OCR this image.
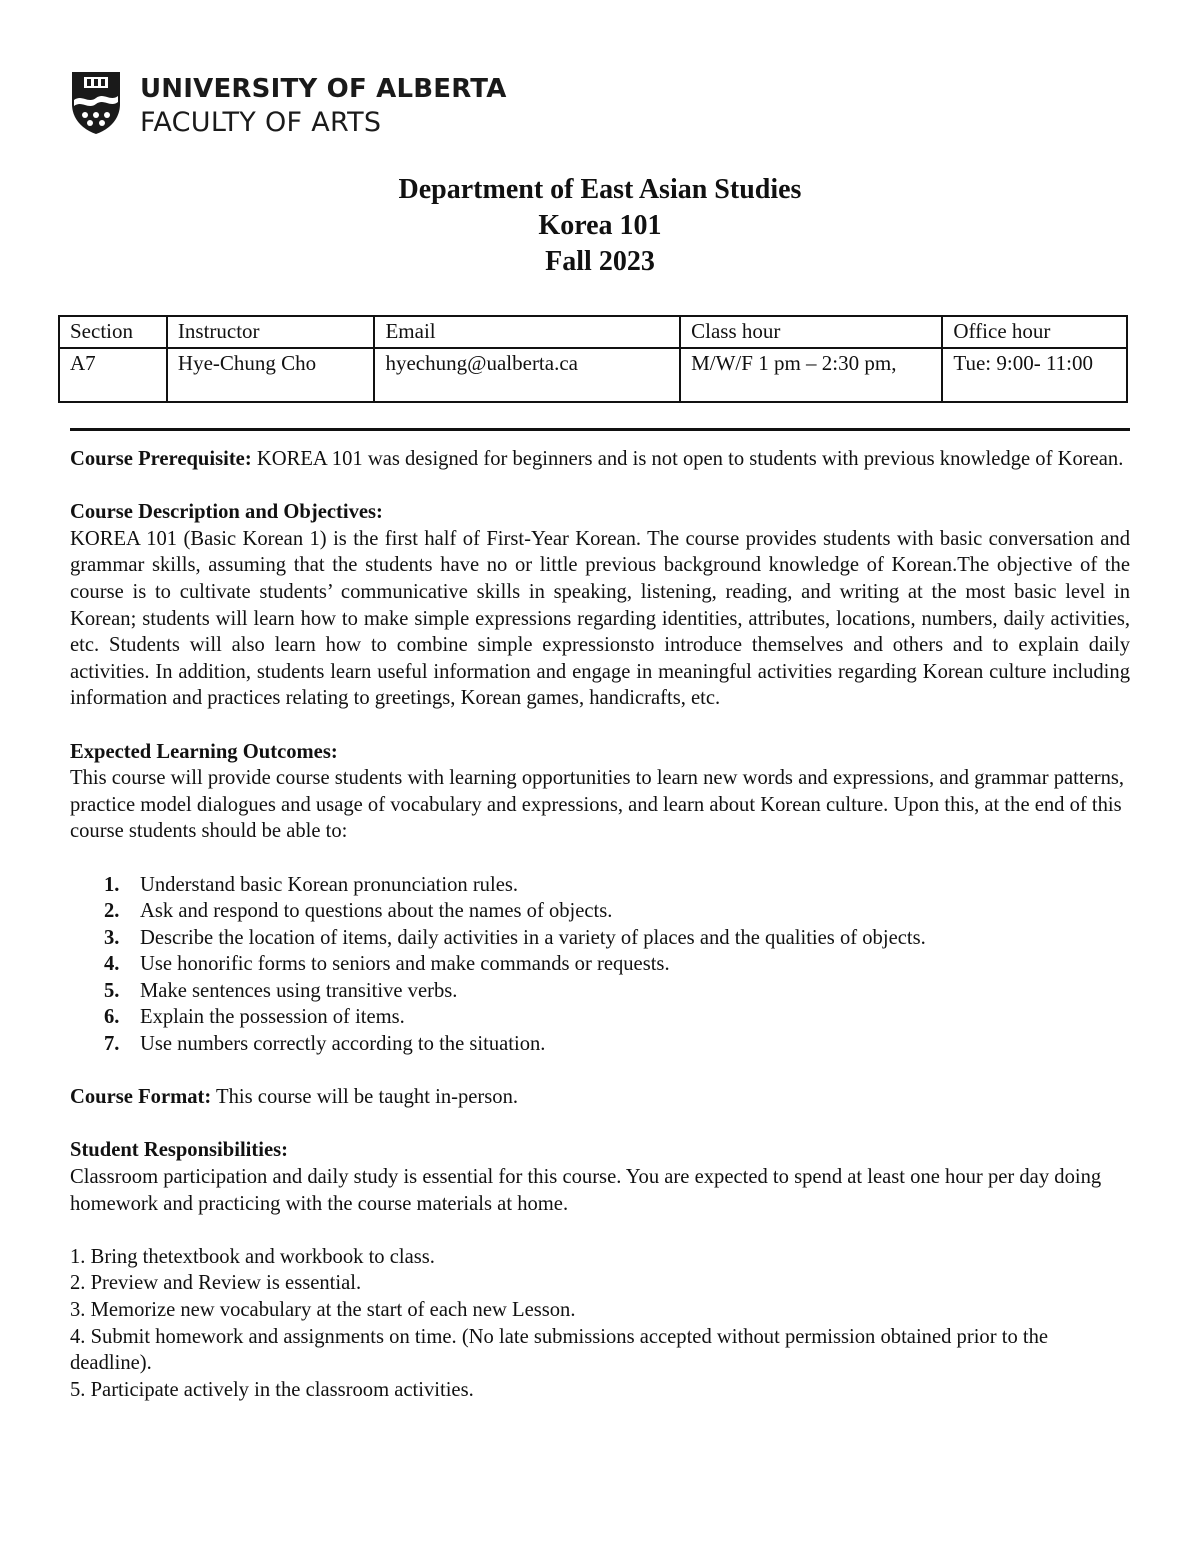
UNIVERSITY OF ALBERTA
FACULTY OF ARTS
Department of East Asian Studies
Korea 101
Fall 2023
Section	Instructor	Email	Class hour	Office hour
A7	Hye-Chung Cho	hyechung@ualberta.ca	M/W/F 1 pm – 2:30 pm,	Tue: 9:00- 11:00

Course Prerequisite: KOREA 101 was designed for beginners and is not open to students with previous knowledge of Korean.

Course Description and Objectives:

KOREA 101 (Basic Korean 1) is the first half of First-Year Korean. The course provides students with basic conversation and grammar skills, assuming that the students have no or little previous background knowledge of Korean.The objective of the course is to cultivate students’ communicative skills in speaking, listening, reading, and writing at the most basic level in Korean; students will learn how to make simple expressions regarding identities, attributes, locations, numbers, daily activities, etc. Students will also learn how to combine simple expressionsto introduce themselves and others and to explain daily activities. In addition, students learn useful information and engage in meaningful activities regarding Korean culture including information and practices relating to greetings, Korean games, handicrafts, etc.

Expected Learning Outcomes:

This course will provide course students with learning opportunities to learn new words and expressions, and grammar patterns, practice model dialogues and usage of vocabulary and expressions, and learn about Korean culture. Upon this, at the end of this course students should be able to:

1. Understand basic Korean pronunciation rules.
2. Ask and respond to questions about the names of objects.
3. Describe the location of items, daily activities in a variety of places and the qualities of objects.
4. Use honorific forms to seniors and make commands or requests.
5. Make sentences using transitive verbs.
6. Explain the possession of items.
7. Use numbers correctly according to the situation.

Course Format: This course will be taught in-person.

Student Responsibilities:

Classroom participation and daily study is essential for this course. You are expected to spend at least one hour per day doing homework and practicing with the course materials at home.

1. Bring thetextbook and workbook to class.

2. Preview and Review is essential.

3. Memorize new vocabulary at the start of each new Lesson.

4. Submit homework and assignments on time. (No late submissions accepted without permission obtained prior to the deadline).

5. Participate actively in the classroom activities.
